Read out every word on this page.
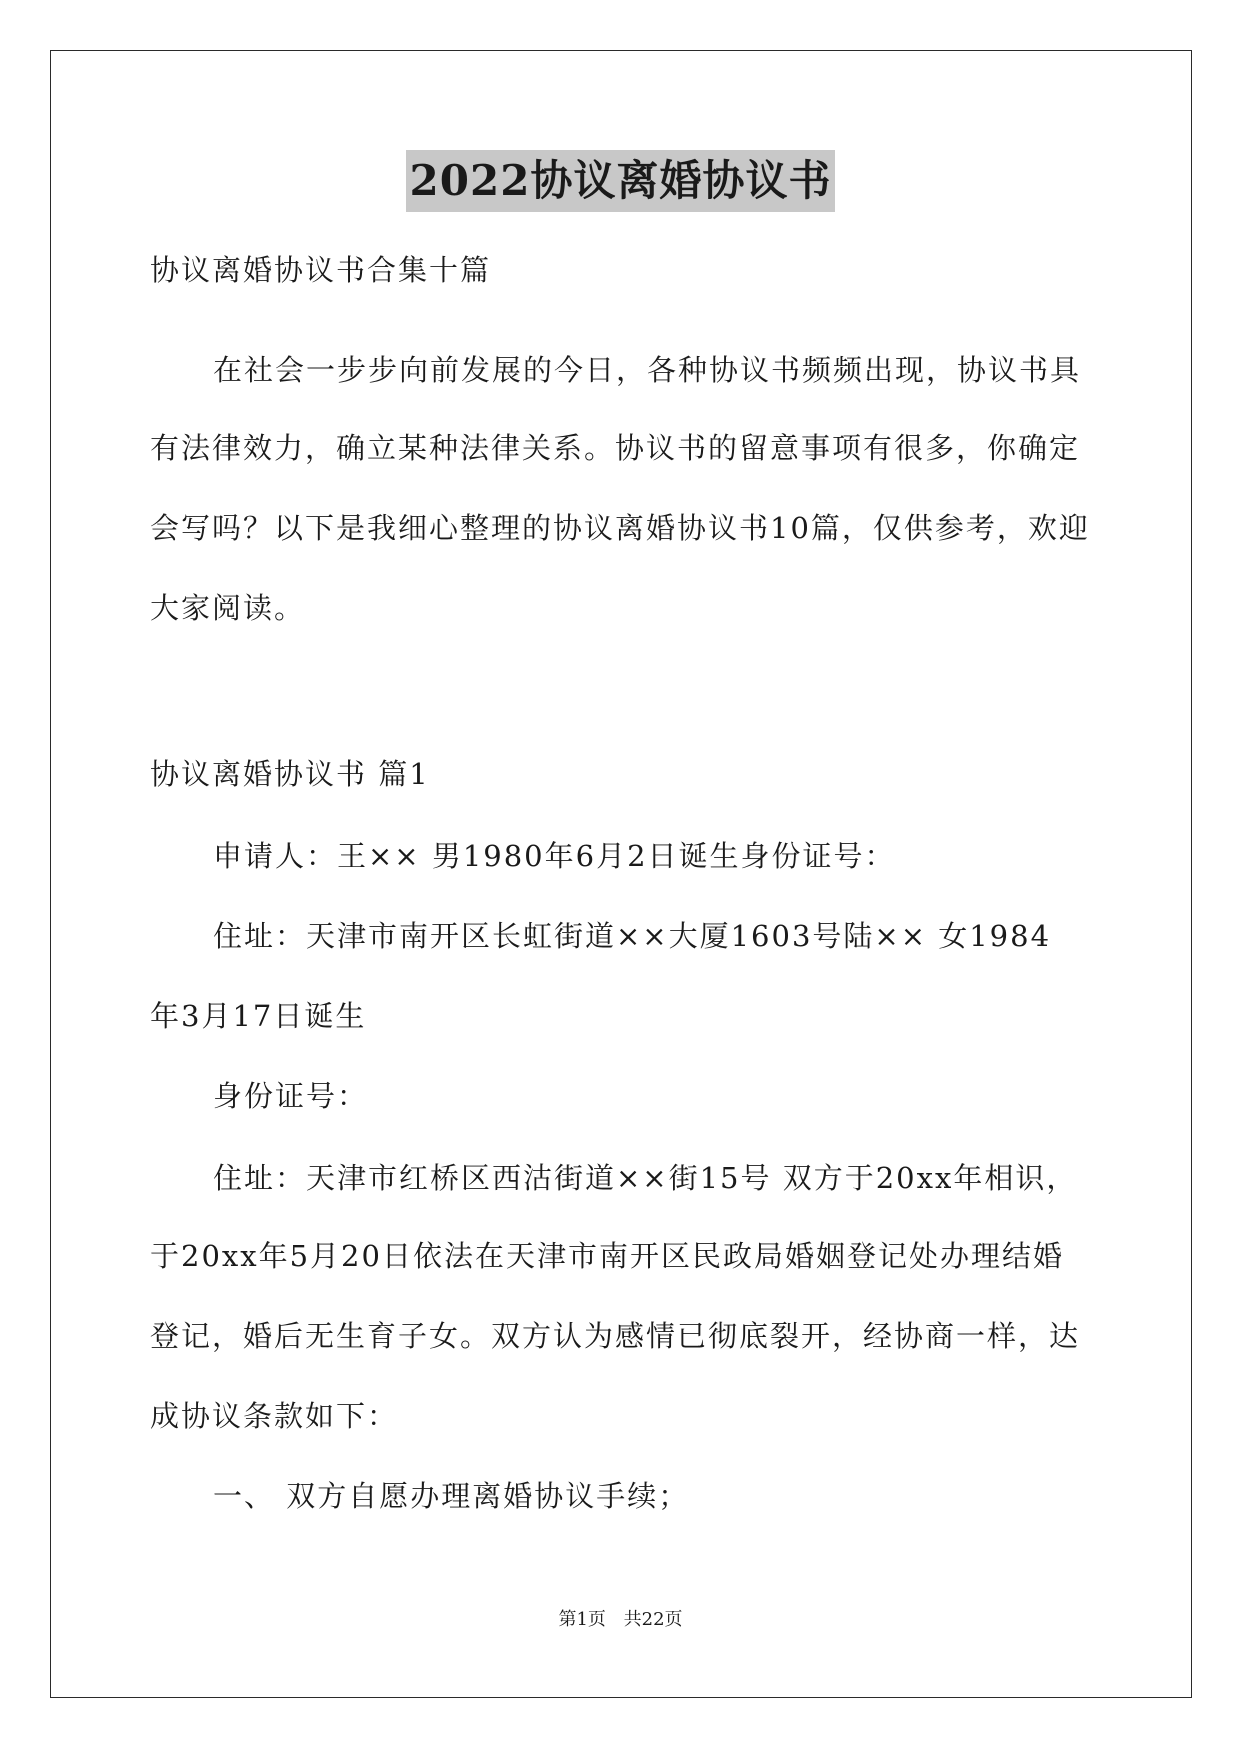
2022协议离婚协议书
协议离婚协议书合集十篇
在社会一步步向前发展的今日，各种协议书频频出现，协议书具
有法律效力，确立某种法律关系。协议书的留意事项有很多，你确定
会写吗？以下是我细心整理的协议离婚协议书10篇，仅供参考，欢迎
大家阅读。
协议离婚协议书 篇1
申请人：王×× 男1980年6月2日诞生身份证号：
住址：天津市南开区长虹街道××大厦1603号陆×× 女1984
年3月17日诞生
身份证号：
住址：天津市红桥区西沽街道××街15号 双方于20xx年相识，
于20xx年5月20日依法在天津市南开区民政局婚姻登记处办理结婚
登记，婚后无生育子女。双方认为感情已彻底裂开，经协商一样，达
成协议条款如下：
一、 双方自愿办理离婚协议手续；
第1页 共22页
